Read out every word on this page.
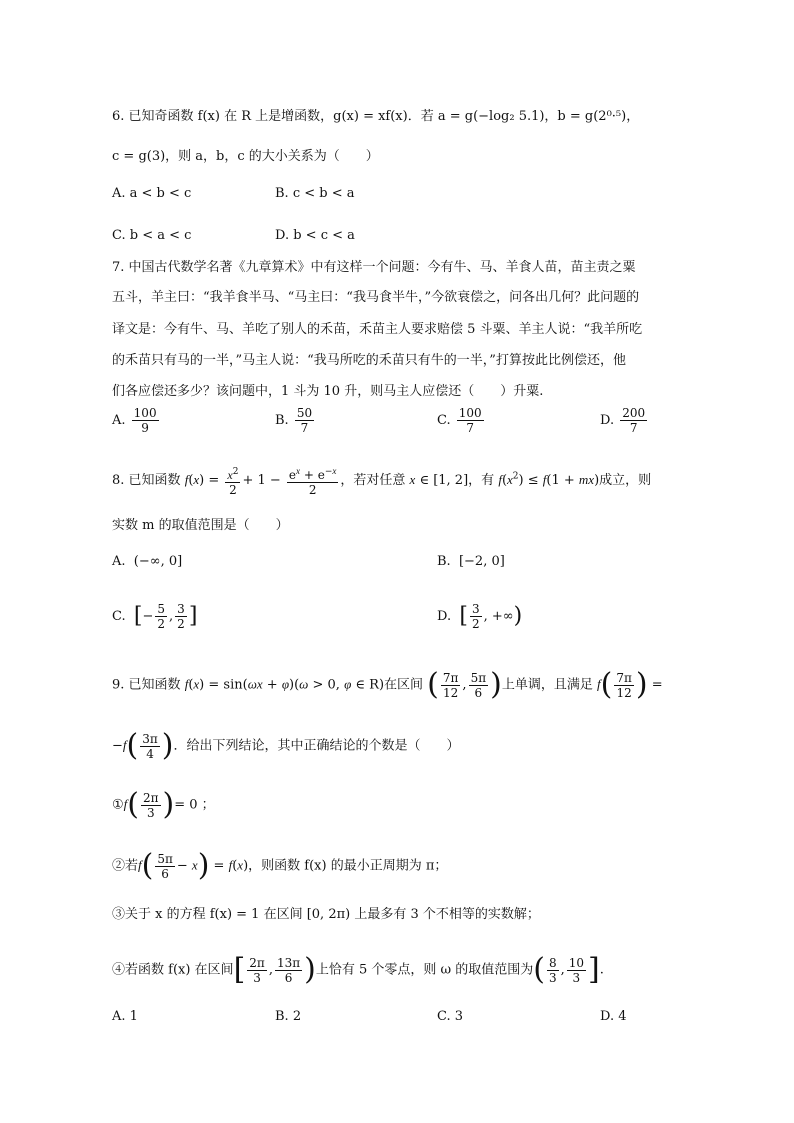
6. 已知奇函数 f(x) 在 R 上是增函数，g(x) = xf(x)．若 a = g(−log₂ 5.1)，b = g(2⁰·⁵)，
c = g(3)，则 a，b，c 的大小关系为（　　）
A. a < b < c	B. c < b < a
C. b < a < c	D. b < c < a
7. 中国古代数学名著《九章算术》中有这样一个问题：今有牛、马、羊食人苗，苗主责之粟
五斗，羊主曰：“我羊食半马、“马主曰：“我马食半牛，”今欲衰偿之，问各出几何？此问题的
译文是：今有牛、马、羊吃了别人的禾苗，禾苗主人要求赔偿 5 斗粟、羊主人说：“我羊所吃
的禾苗只有马的一半，”马主人说：“我马所吃的禾苗只有牛的一半，”打算按此比例偿还，他
们各应偿还多少？该问题中，1 斗为 10 升，则马主人应偿还（　　）升粟.
A. $\frac{100}{9}$	B. $\frac{50}{7}$	C. $\frac{100}{7}$	D. $\frac{200}{7}$
8. 已知函数 $f(x) = \frac{x^2}{2} + 1 - \frac{e^x + e^{-x}}{2}$ ，若对任意 x ∈ [1, 2]，有 $f(x^2) \le f(1 + mx)$成立，则
实数 m 的取值范围是（　　）
A.  (−∞, 0]	B.  [−2, 0]
C. [− $\frac{5}{2}$ , $\frac{3}{2}$ ]	D. [ $\frac{3}{2}$ , +∞)
9. 已知函数 f(x) = sin(ωx + φ)(ω > 0, φ ∈ R)在区间 ( $\frac{7\pi}{12}$ , $\frac{5\pi}{6}$ )上单调，且满足 $f( \frac{7\pi}{12}$ ) =
$-f( \frac{3\pi}{4}$ )．给出下列结论，其中正确结论的个数是（　　）
①f( $\frac{2\pi}{3}$ )= 0 ；
②若$f( \frac{5\pi}{6} - x) = f(x)$，则函数 f(x) 的最小正周期为 π；
③关于 x 的方程 f(x) = 1 在区间 [0, 2π) 上最多有 3 个不相等的实数解；
④若函数 f(x) 在区间[ $\frac{2\pi}{3}$ , $\frac{13\pi}{6}$ )上恰有 5 个零点，则 ω 的取值范围为( $\frac{8}{3}$ , $\frac{10}{3}$ ].
A. 1	B. 2	C. 3	D. 4
